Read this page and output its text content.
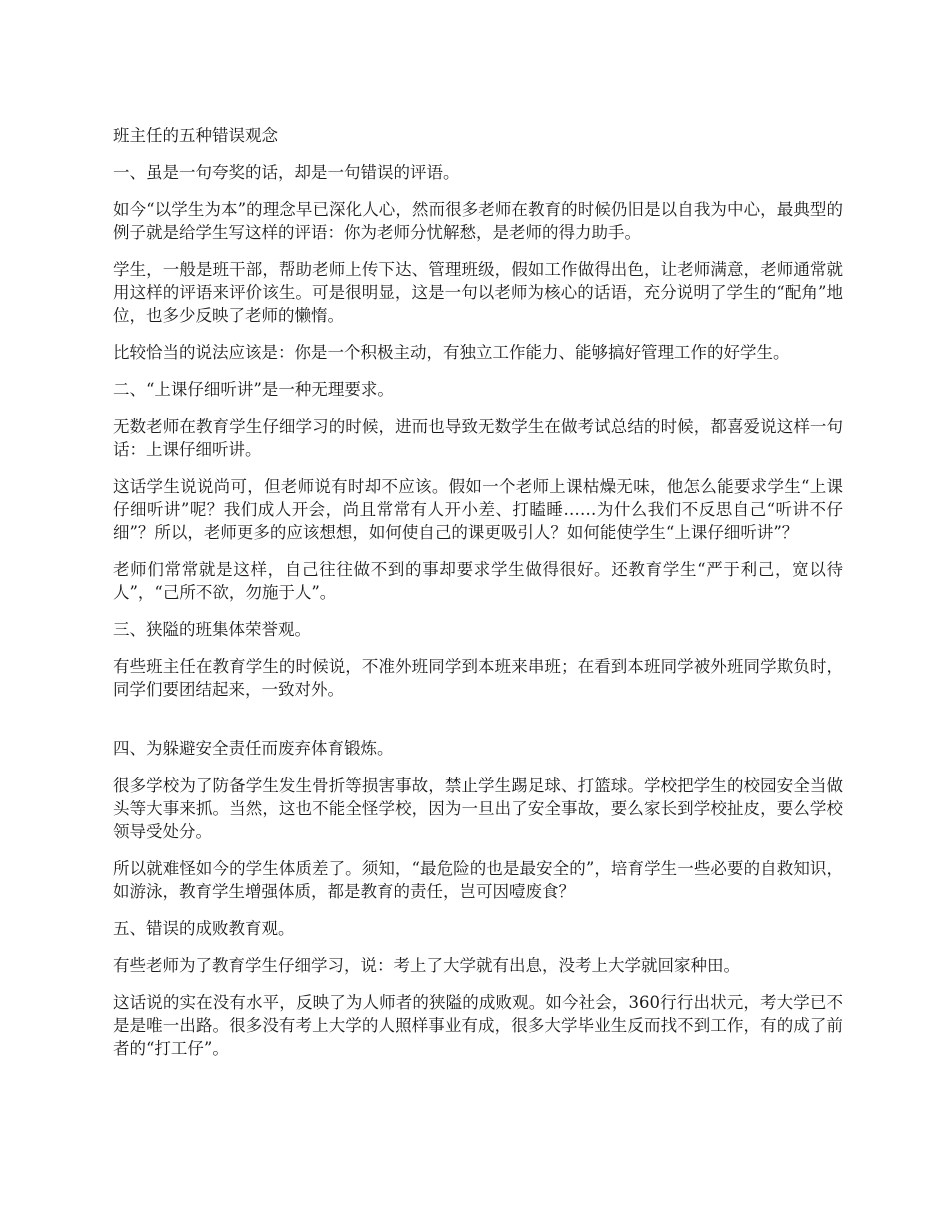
班主任的五种错误观念

一、虽是一句夸奖的话，却是一句错误的评语。

如今“以学生为本”的理念早已深化人心，然而很多老师在教育的时候仍旧是以自我为中心，最典型的例子就是给学生写这样的评语：你为老师分忧解愁，是老师的得力助手。

学生，一般是班干部，帮助老师上传下达、管理班级，假如工作做得出色，让老师满意，老师通常就用这样的评语来评价该生。可是很明显，这是一句以老师为核心的话语，充分说明了学生的“配角”地位，也多少反映了老师的懒惰。

比较恰当的说法应该是：你是一个积极主动，有独立工作能力、能够搞好管理工作的好学生。

二、“上课仔细听讲”是一种无理要求。

无数老师在教育学生仔细学习的时候，进而也导致无数学生在做考试总结的时候，都喜爱说这样一句话：上课仔细听讲。

这话学生说说尚可，但老师说有时却不应该。假如一个老师上课枯燥无味，他怎么能要求学生“上课仔细听讲”呢？我们成人开会，尚且常常有人开小差、打瞌睡……为什么我们不反思自己“听讲不仔细”？所以，老师更多的应该想想，如何使自己的课更吸引人？如何能使学生“上课仔细听讲”？

老师们常常就是这样，自己往往做不到的事却要求学生做得很好。还教育学生“严于利己，宽以待人”，“己所不欲，勿施于人”。

三、狭隘的班集体荣誉观。

有些班主任在教育学生的时候说，不准外班同学到本班来串班；在看到本班同学被外班同学欺负时，同学们要团结起来，一致对外。

四、为躲避安全责任而废弃体育锻炼。

很多学校为了防备学生发生骨折等损害事故，禁止学生踢足球、打篮球。学校把学生的校园安全当做头等大事来抓。当然，这也不能全怪学校，因为一旦出了安全事故，要么家长到学校扯皮，要么学校领导受处分。

所以就难怪如今的学生体质差了。须知，“最危险的也是最安全的”，培育学生一些必要的自救知识，如游泳，教育学生增强体质，都是教育的责任，岂可因噎废食？

五、错误的成败教育观。

有些老师为了教育学生仔细学习，说：考上了大学就有出息，没考上大学就回家种田。

这话说的实在没有水平，反映了为人师者的狭隘的成败观。如今社会，360行行出状元，考大学已不是是唯一出路。很多没有考上大学的人照样事业有成，很多大学毕业生反而找不到工作，有的成了前者的“打工仔”。
